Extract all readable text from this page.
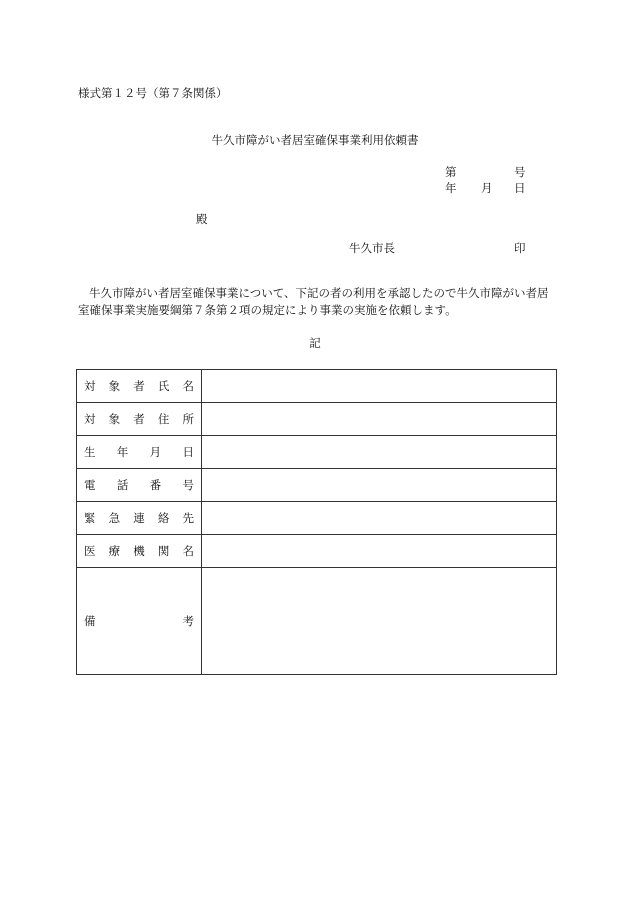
様式第１２号（第７条関係）
牛久市障がい者居室確保事業利用依頼書
第	号
年 月 日
殿
牛久市長	印
牛久市障がい者居室確保事業について、下記の者の利用を承認したので牛久市障がい者居室確保事業実施要綱第７条第２項の規定により事業の実施を依頼します。
記
対 象 者 氏 名	

対 象 者 住 所	

生 年 月 日	

電 話 番 号	

緊 急 連 絡 先	

医 療 機 関 名	

備 考	
